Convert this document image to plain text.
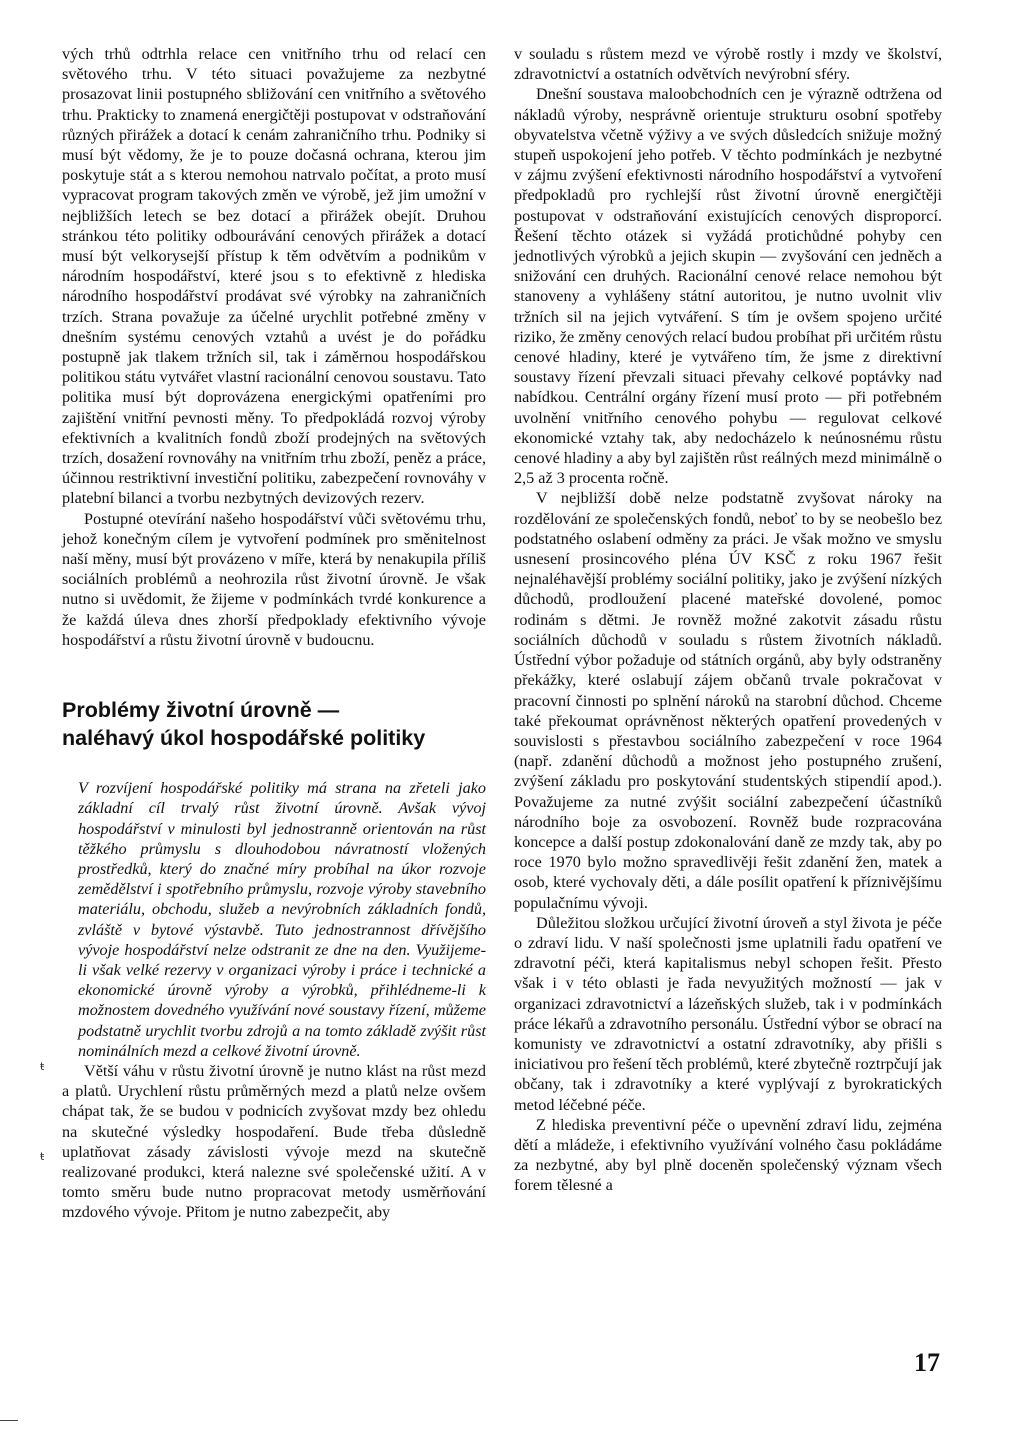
vých trhů odtrhla relace cen vnitřního trhu od relací cen světového trhu. V této situaci považujeme za nezbytné prosazovat linii postupného sbližování cen vnitřního a světového trhu. Prakticky to znamená energičtěji postupovat v odstraňování různých přirážek a dotací k cenám zahraničního trhu. Podniky si musí být vědomy, že je to pouze dočasná ochrana, kterou jim poskytuje stát a s kterou nemohou natrvalo počítat, a proto musí vypracovat program takových změn ve výrobě, jež jim umožní v nejbližších letech se bez dotací a přirážek obejít. Druhou stránkou této politiky odbourávání cenových přirážek a dotací musí být velkorysejší přístup k těm odvětvím a podnikům v národním hospodářství, které jsou s to efektivně z hlediska národního hospodářství prodávat své výrobky na zahraničních trzích. Strana považuje za účelné urychlit potřebné změny v dnešním systému cenových vztahů a uvést je do pořádku postupně jak tlakem tržních sil, tak i záměrnou hospodářskou politikou státu vytvářet vlastní racionální cenovou soustavu. Tato politika musí být doprovázena energickými opatřeními pro zajištění vnitřní pevnosti měny. To předpokládá rozvoj výroby efektivních a kvalitních fondů zboží prodejných na světových trzích, dosažení rovnováhy na vnitřním trhu zboží, peněz a práce, účinnou restriktivní investiční politiku, zabezpečení rovnováhy v platební bilanci a tvorbu nezbytných devizových rezerv.

Postupné otevírání našeho hospodářství vůči světovému trhu, jehož konečným cílem je vytvoření podmínek pro směnitelnost naší měny, musí být provázeno v míře, která by nenakupila příliš sociálních problémů a neohrozila růst životní úrovně. Je však nutno si uvědomit, že žijeme v podmínkách tvrdé konkurence a že každá úleva dnes zhorší předpoklady efektivního vývoje hospodářství a růstu životní úrovně v budoucnu.

Problémy životní úrovně —
naléhavý úkol hospodářské politiky

V rozvíjení hospodářské politiky má strana na zřeteli jako základní cíl trvalý růst životní úrovně. Avšak vývoj hospodářství v minulosti byl jednostranně orientován na růst těžkého průmyslu s dlouhodobou návratností vložených prostředků, který do značné míry probíhal na úkor rozvoje zemědělství i spotřebního průmyslu, rozvoje výroby stavebního materiálu, obchodu, služeb a nevýrobních základních fondů, zvláště v bytové výstavbě. Tuto jednostrannost dřívějšího vývoje hospodářství nelze odstranit ze dne na den. Využijeme-li však velké rezervy v organizaci výroby i práce i technické a ekonomické úrovně výroby a výrobků, přihlédneme-li k možnostem dovedného využívání nové soustavy řízení, můžeme podstatně urychlit tvorbu zdrojů a na tomto základě zvýšit růst nominálních mezd a celkové životní úrovně.

Větší váhu v růstu životní úrovně je nutno klást na růst mezd a platů. Urychlení růstu průměrných mezd a platů nelze ovšem chápat tak, že se budou v podnicích zvyšovat mzdy bez ohledu na skutečné výsledky hospodaření. Bude třeba důsledně uplatňovat zásady závislosti vývoje mezd na skutečně realizované produkci, která nalezne své společenské užití. A v tomto směru bude nutno propracovat metody usměrňování mzdového vývoje. Přitom je nutno zabezpečit, aby

v souladu s růstem mezd ve výrobě rostly i mzdy ve školství, zdravotnictví a ostatních odvětvích nevýrobní sféry.

Dnešní soustava maloobchodních cen je výrazně odtržena od nákladů výroby, nesprávně orientuje strukturu osobní spotřeby obyvatelstva včetně výživy a ve svých důsledcích snižuje možný stupeň uspokojení jeho potřeb. V těchto podmínkách je nezbytné v zájmu zvýšení efektivnosti národního hospodářství a vytvoření předpokladů pro rychlejší růst životní úrovně energičtěji postupovat v odstraňování existujících cenových disproporcí. Řešení těchto otázek si vyžádá protichůdné pohyby cen jednotlivých výrobků a jejich skupin — zvyšování cen jedněch a snižování cen druhých. Racionální cenové relace nemohou být stanoveny a vyhlášeny státní autoritou, je nutno uvolnit vliv tržních sil na jejich vytváření. S tím je ovšem spojeno určité riziko, že změny cenových relací budou probíhat při určitém růstu cenové hladiny, které je vytvářeno tím, že jsme z direktivní soustavy řízení převzali situaci převahy celkové poptávky nad nabídkou. Centrální orgány řízení musí proto — při potřebném uvolnění vnitřního cenového pohybu — regulovat celkové ekonomické vztahy tak, aby nedocházelo k neúnosnému růstu cenové hladiny a aby byl zajištěn růst reálných mezd minimálně o 2,5 až 3 procenta ročně.

V nejbližší době nelze podstatně zvyšovat nároky na rozdělování ze společenských fondů, neboť to by se neobešlo bez podstatného oslabení odměny za práci. Je však možno ve smyslu usnesení prosincového pléna ÚV KSČ z roku 1967 řešit nejnaléhavější problémy sociální politiky, jako je zvýšení nízkých důchodů, prodloužení placené mateřské dovolené, pomoc rodinám s dětmi. Je rovněž možné zakotvit zásadu růstu sociálních důchodů v souladu s růstem životních nákladů. Ústřední výbor požaduje od státních orgánů, aby byly odstraněny překážky, které oslabují zájem občanů trvale pokračovat v pracovní činnosti po splnění nároků na starobní důchod. Chceme také překoumat oprávněnost některých opatření provedených v souvislosti s přestavbou sociálního zabezpečení v roce 1964 (např. zdanění důchodů a možnost jeho postupného zrušení, zvýšení základu pro poskytování studentských stipendií apod.). Považujeme za nutné zvýšit sociální zabezpečení účastníků národního boje za osvobození. Rovněž bude rozpracována koncepce a další postup zdokonalování daně ze mzdy tak, aby po roce 1970 bylo možno spravedlivěji řešit zdanění žen, matek a osob, které vychovaly děti, a dále posílit opatření k příznivějšímu populačnímu vývoji.

Důležitou složkou určující životní úroveň a styl života je péče o zdraví lidu. V naší společnosti jsme uplatnili řadu opatření ve zdravotní péči, která kapitalismus nebyl schopen řešit. Přesto však i v této oblasti je řada nevyužitých možností — jak v organizaci zdravotnictví a lázeňských služeb, tak i v podmínkách práce lékařů a zdravotního personálu. Ústřední výbor se obrací na komunisty ve zdravotnictví a ostatní zdravotníky, aby přišli s iniciativou pro řešení těch problémů, které zbytečně roztrpčují jak občany, tak i zdravotníky a které vyplývají z byrokratických metod léčebné péče.

Z hlediska preventivní péče o upevnění zdraví lidu, zejména dětí a mládeže, i efektivního využívání volného času pokládáme za nezbytné, aby byl plně doceněn společenský význam všech forem tělesné a

ŧ
ŧ
17
